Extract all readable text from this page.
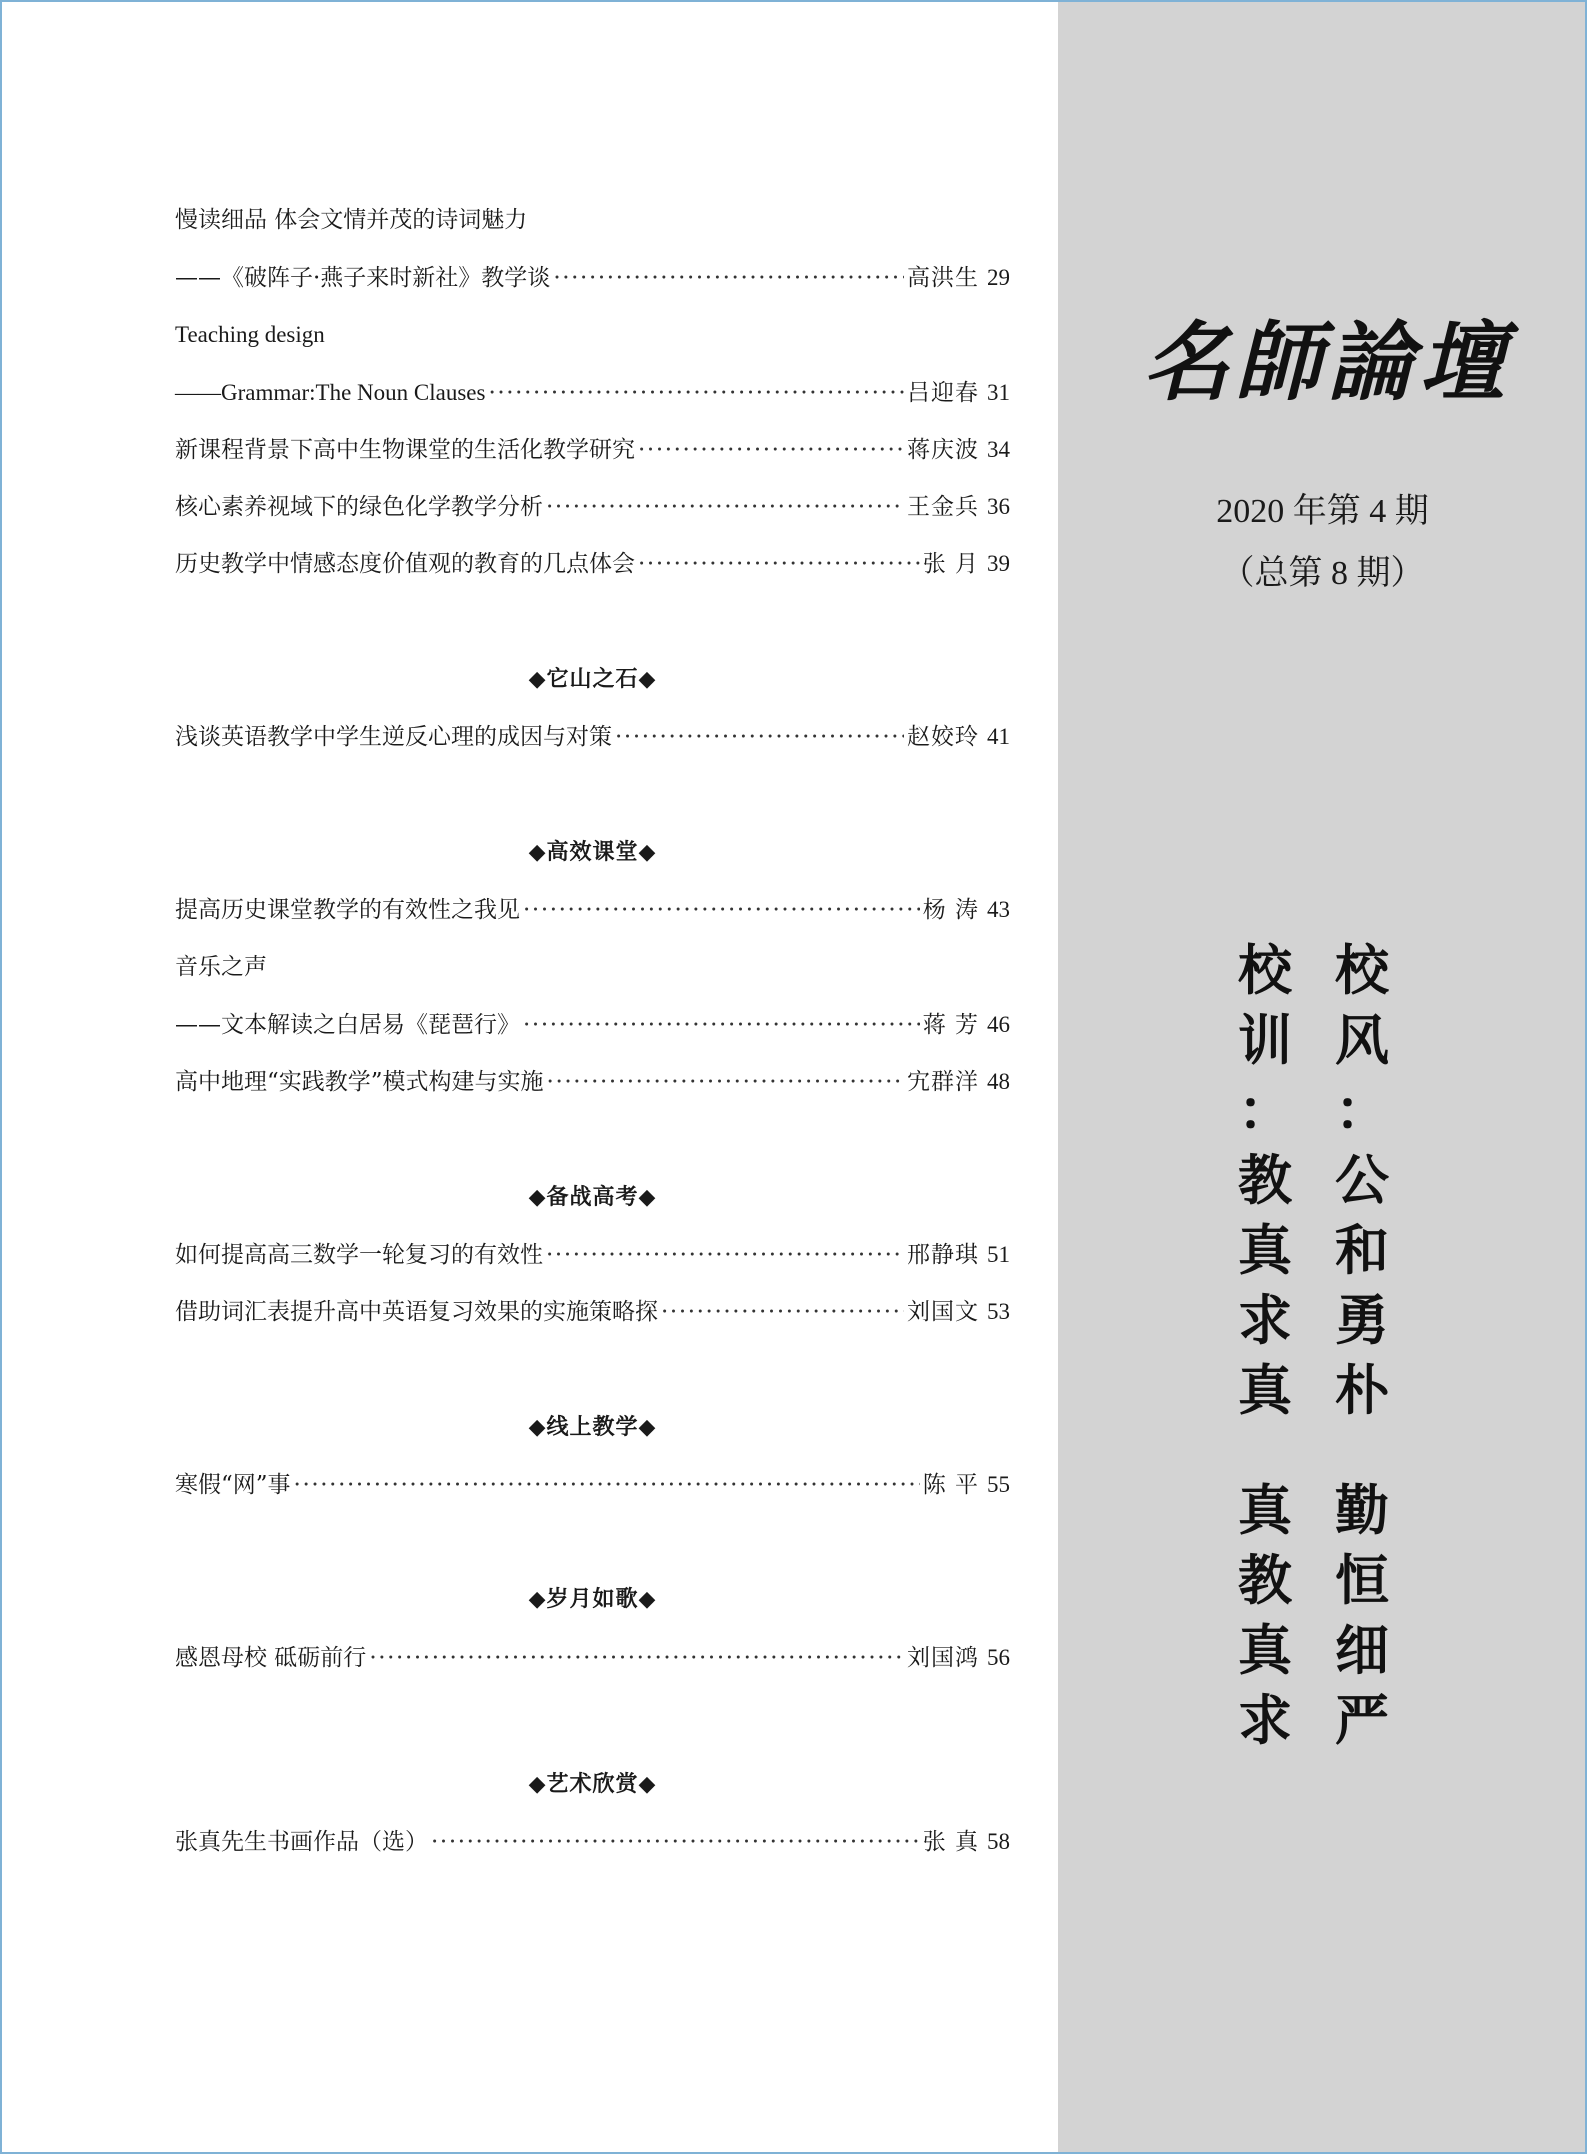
慢读细品 体会文情并茂的诗词魅力
——《破阵子·燕子来时新社》教学谈 ·····	高洪生 29
Teaching design
——Grammar:The Noun Clauses ·····	吕迎春 31
新课程背景下高中生物课堂的生活化教学研究 ·····	蒋庆波 34
核心素养视域下的绿色化学教学分析 ·····	王金兵 36
历史教学中情感态度价值观的教育的几点体会 ·····	张 月 39
◆它山之石◆
浅谈英语教学中学生逆反心理的成因与对策 ·····	赵姣玲 41
◆高效课堂◆
提高历史课堂教学的有效性之我见 ·····	杨 涛 43
音乐之声
——文本解读之白居易《琵琶行》 ·····	蒋 芳 46
高中地理“实践教学”模式构建与实施 ·····	宄群洋 48
◆备战高考◆
如何提高高三数学一轮复习的有效性 ·····	邢静琪 51
借助词汇表提升高中英语复习效果的实施策略探 ·····	刘国文 53
◆线上教学◆
寒假“网”事 ·····	陈 平 55
◆岁月如歌◆
感恩母校 砥砺前行 ·····	刘国鸿 56
◆艺术欣赏◆
张真先生书画作品（选） ·····	张 真 58
名師論壇
2020 年第 4 期
（总第 8 期）
校
训
：
教
真
求
真
真
教
真
求
校
风
：
公
和
勇
朴
勤
恒
细
严
